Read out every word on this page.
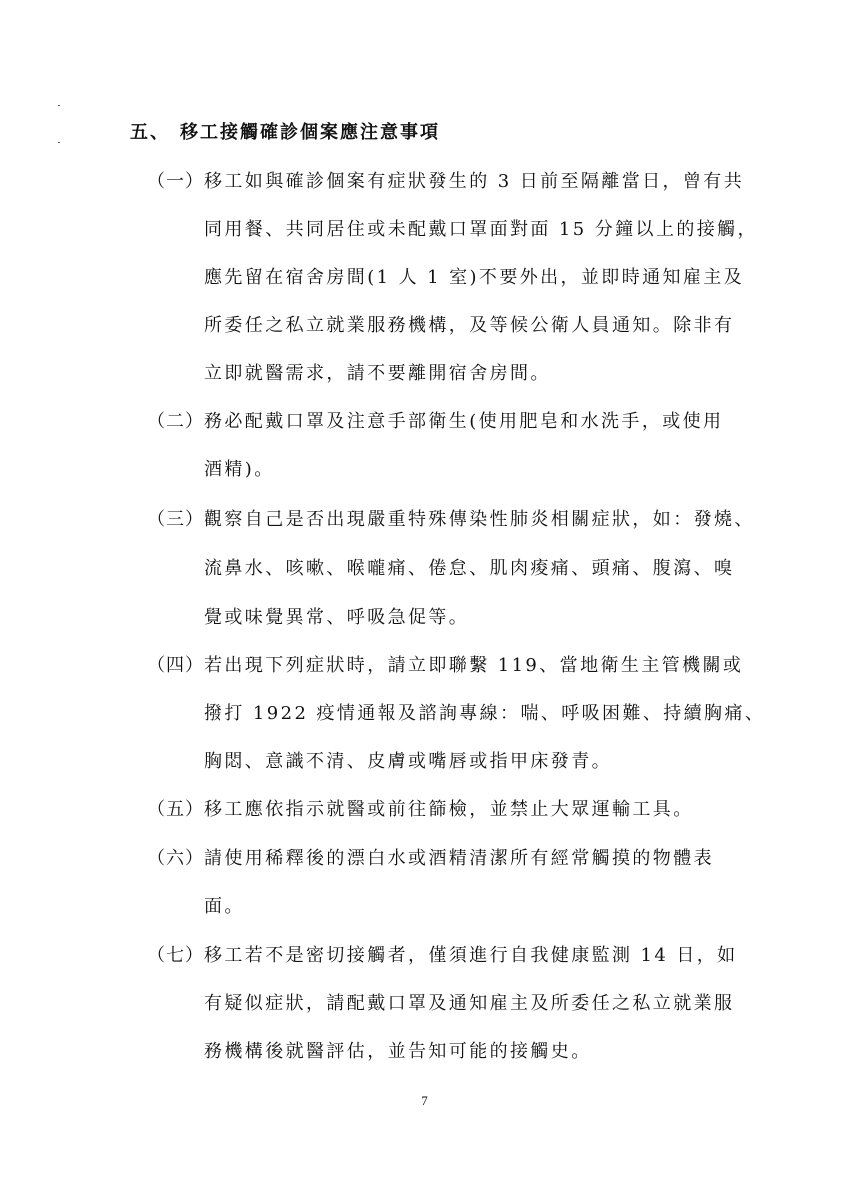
五、 移工接觸確診個案應注意事項
（一） 移工如與確診個案有症狀發生的 3 日前至隔離當日，曾有共
同用餐、共同居住或未配戴口罩面對面 15 分鐘以上的接觸，
應先留在宿舍房間(1 人 1 室)不要外出，並即時通知雇主及
所委任之私立就業服務機構，及等候公衛人員通知。除非有
立即就醫需求，請不要離開宿舍房間。
（二） 務必配戴口罩及注意手部衛生(使用肥皂和水洗手，或使用
酒精)。
（三） 觀察自己是否出現嚴重特殊傳染性肺炎相關症狀，如：發燒、
流鼻水、咳嗽、喉嚨痛、倦怠、肌肉痠痛、頭痛、腹瀉、嗅
覺或味覺異常、呼吸急促等。
（四） 若出現下列症狀時，請立即聯繫 119、當地衛生主管機關或
撥打 1922 疫情通報及諮詢專線：喘、呼吸困難、持續胸痛、
胸悶、意識不清、皮膚或嘴唇或指甲床發青。
（五） 移工應依指示就醫或前往篩檢，並禁止大眾運輸工具。
（六） 請使用稀釋後的漂白水或酒精清潔所有經常觸摸的物體表
面。
（七） 移工若不是密切接觸者，僅須進行自我健康監測 14 日，如
有疑似症狀，請配戴口罩及通知雇主及所委任之私立就業服
務機構後就醫評估，並告知可能的接觸史。
7
